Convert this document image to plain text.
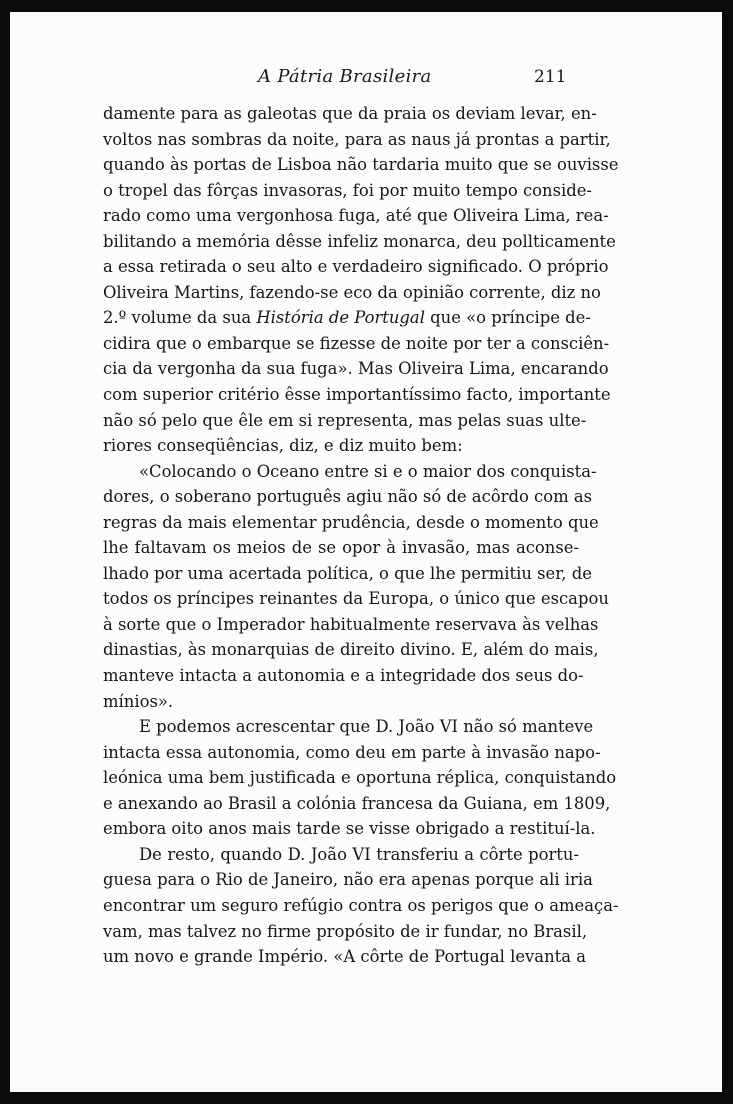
A Pátria Brasileira	211
damente para as galeotas que da praia os deviam levar, en-
voltos nas sombras da noite, para as naus já prontas a partir,
quando às portas de Lisboa não tardaria muito que se ouvisse
o tropel das fôrças invasoras, foi por muito tempo conside-
rado como uma vergonhosa fuga, até que Oliveira Lima, rea-
bilitando a memória dêsse infeliz monarca, deu pollticamente
a essa retirada o seu alto e verdadeiro significado. O próprio
Oliveira Martins, fazendo-se eco da opinião corrente, diz no
2.º volume da sua História de Portugal que «o príncipe de-
cidira que o embarque se fizesse de noite por ter a consciên-
cia da vergonha da sua fuga». Mas Oliveira Lima, encarando
com superior critério êsse importantíssimo facto, importante
não só pelo que êle em si representa, mas pelas suas ulte-
riores conseqüências, diz, e diz muito bem:
«Colocando o Oceano entre si e o maior dos conquista-
dores, o soberano português agiu não só de acôrdo com as
regras da mais elementar prudência, desde o momento que
lhe faltavam os meios de se opor à invasão, mas aconse-
lhado por uma acertada política, o que lhe permitiu ser, de
todos os príncipes reinantes da Europa, o único que escapou
à sorte que o Imperador habitualmente reservava às velhas
dinastias, às monarquias de direito divino. E, além do mais,
manteve intacta a autonomia e a integridade dos seus do-
mínios».
E podemos acrescentar que D. João VI não só manteve
intacta essa autonomia, como deu em parte à invasão napo-
leónica uma bem justificada e oportuna réplica, conquistando
e anexando ao Brasil a colónia francesa da Guiana, em 1809,
embora oito anos mais tarde se visse obrigado a restituí-la.
De resto, quando D. João VI transferiu a côrte portu-
guesa para o Rio de Janeiro, não era apenas porque ali iria
encontrar um seguro refúgio contra os perigos que o ameaça-
vam, mas talvez no firme propósito de ir fundar, no Brasil,
um novo e grande Império. «A côrte de Portugal levanta a
